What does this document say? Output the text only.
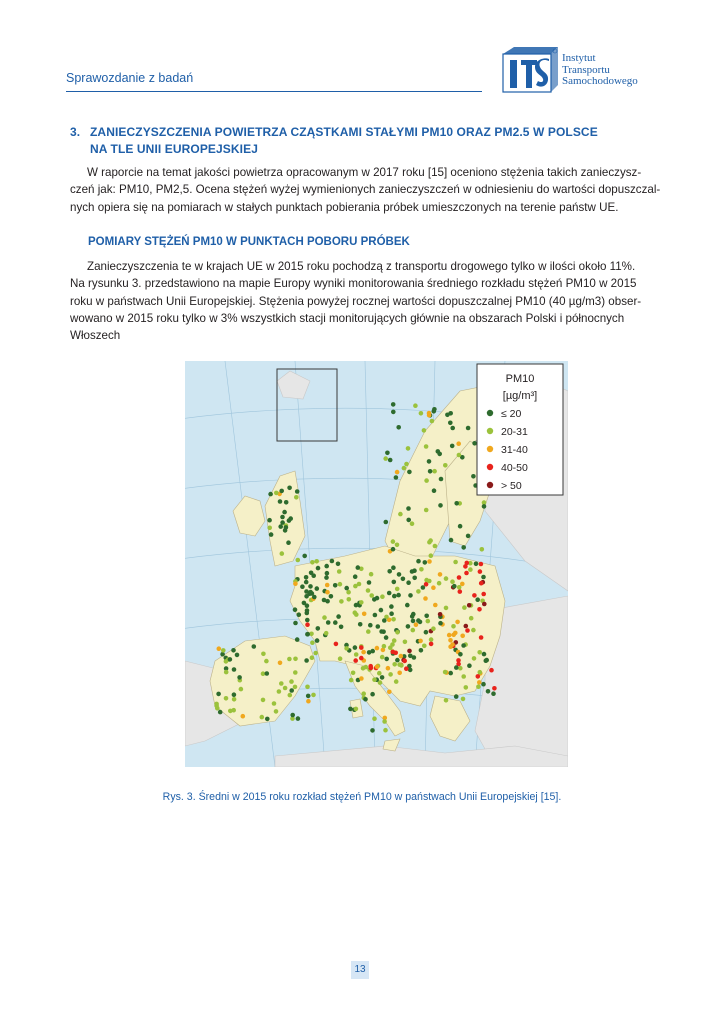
Sprawozdanie z badań
Instytut
Transportu
Samochodowego
3. ZANIECZYSZCZENIA POWIETRZA CZĄSTKAMI STAŁYMI PM10 ORAZ PM2.5 W POLSCE
NA TLE UNII EUROPEJSKIEJ
W raporcie na temat jakości powietrza opracowanym w 2017 roku [15] oceniono stężenia takich zanieczysz-
czeń jak: PM10, PM2,5. Ocena stężeń wyżej wymienionych zanieczyszczeń w odniesieniu do wartości dopuszczal-
nych opiera się na pomiarach w stałych punktach pobierania próbek umieszczonych na terenie państw UE.
POMIARY STĘŻEŃ PM10 W PUNKTACH POBORU PRÓBEK
Zanieczyszczenia te w krajach UE w 2015 roku pochodzą z transportu drogowego tylko w ilości około 11%.
Na rysunku 3. przedstawiono na mapie Europy wyniki monitorowania średniego rozkładu stężeń PM10 w 2015
roku w państwach Unii Europejskiej. Stężenia powyżej rocznej wartości dopuszczalnej PM10 (40 µg/m3) obser-
wowano w 2015 roku tylko w 3% wszystkich stacji monitorujących głównie na obszarach Polski i północnych
Włoszech
PM10
[µg/m³]
≤ 20
20-31
31-40
40-50
> 50
Rys. 3. Średni w 2015 roku rozkład stężeń PM10 w państwach Unii Europejskiej [15].
13
